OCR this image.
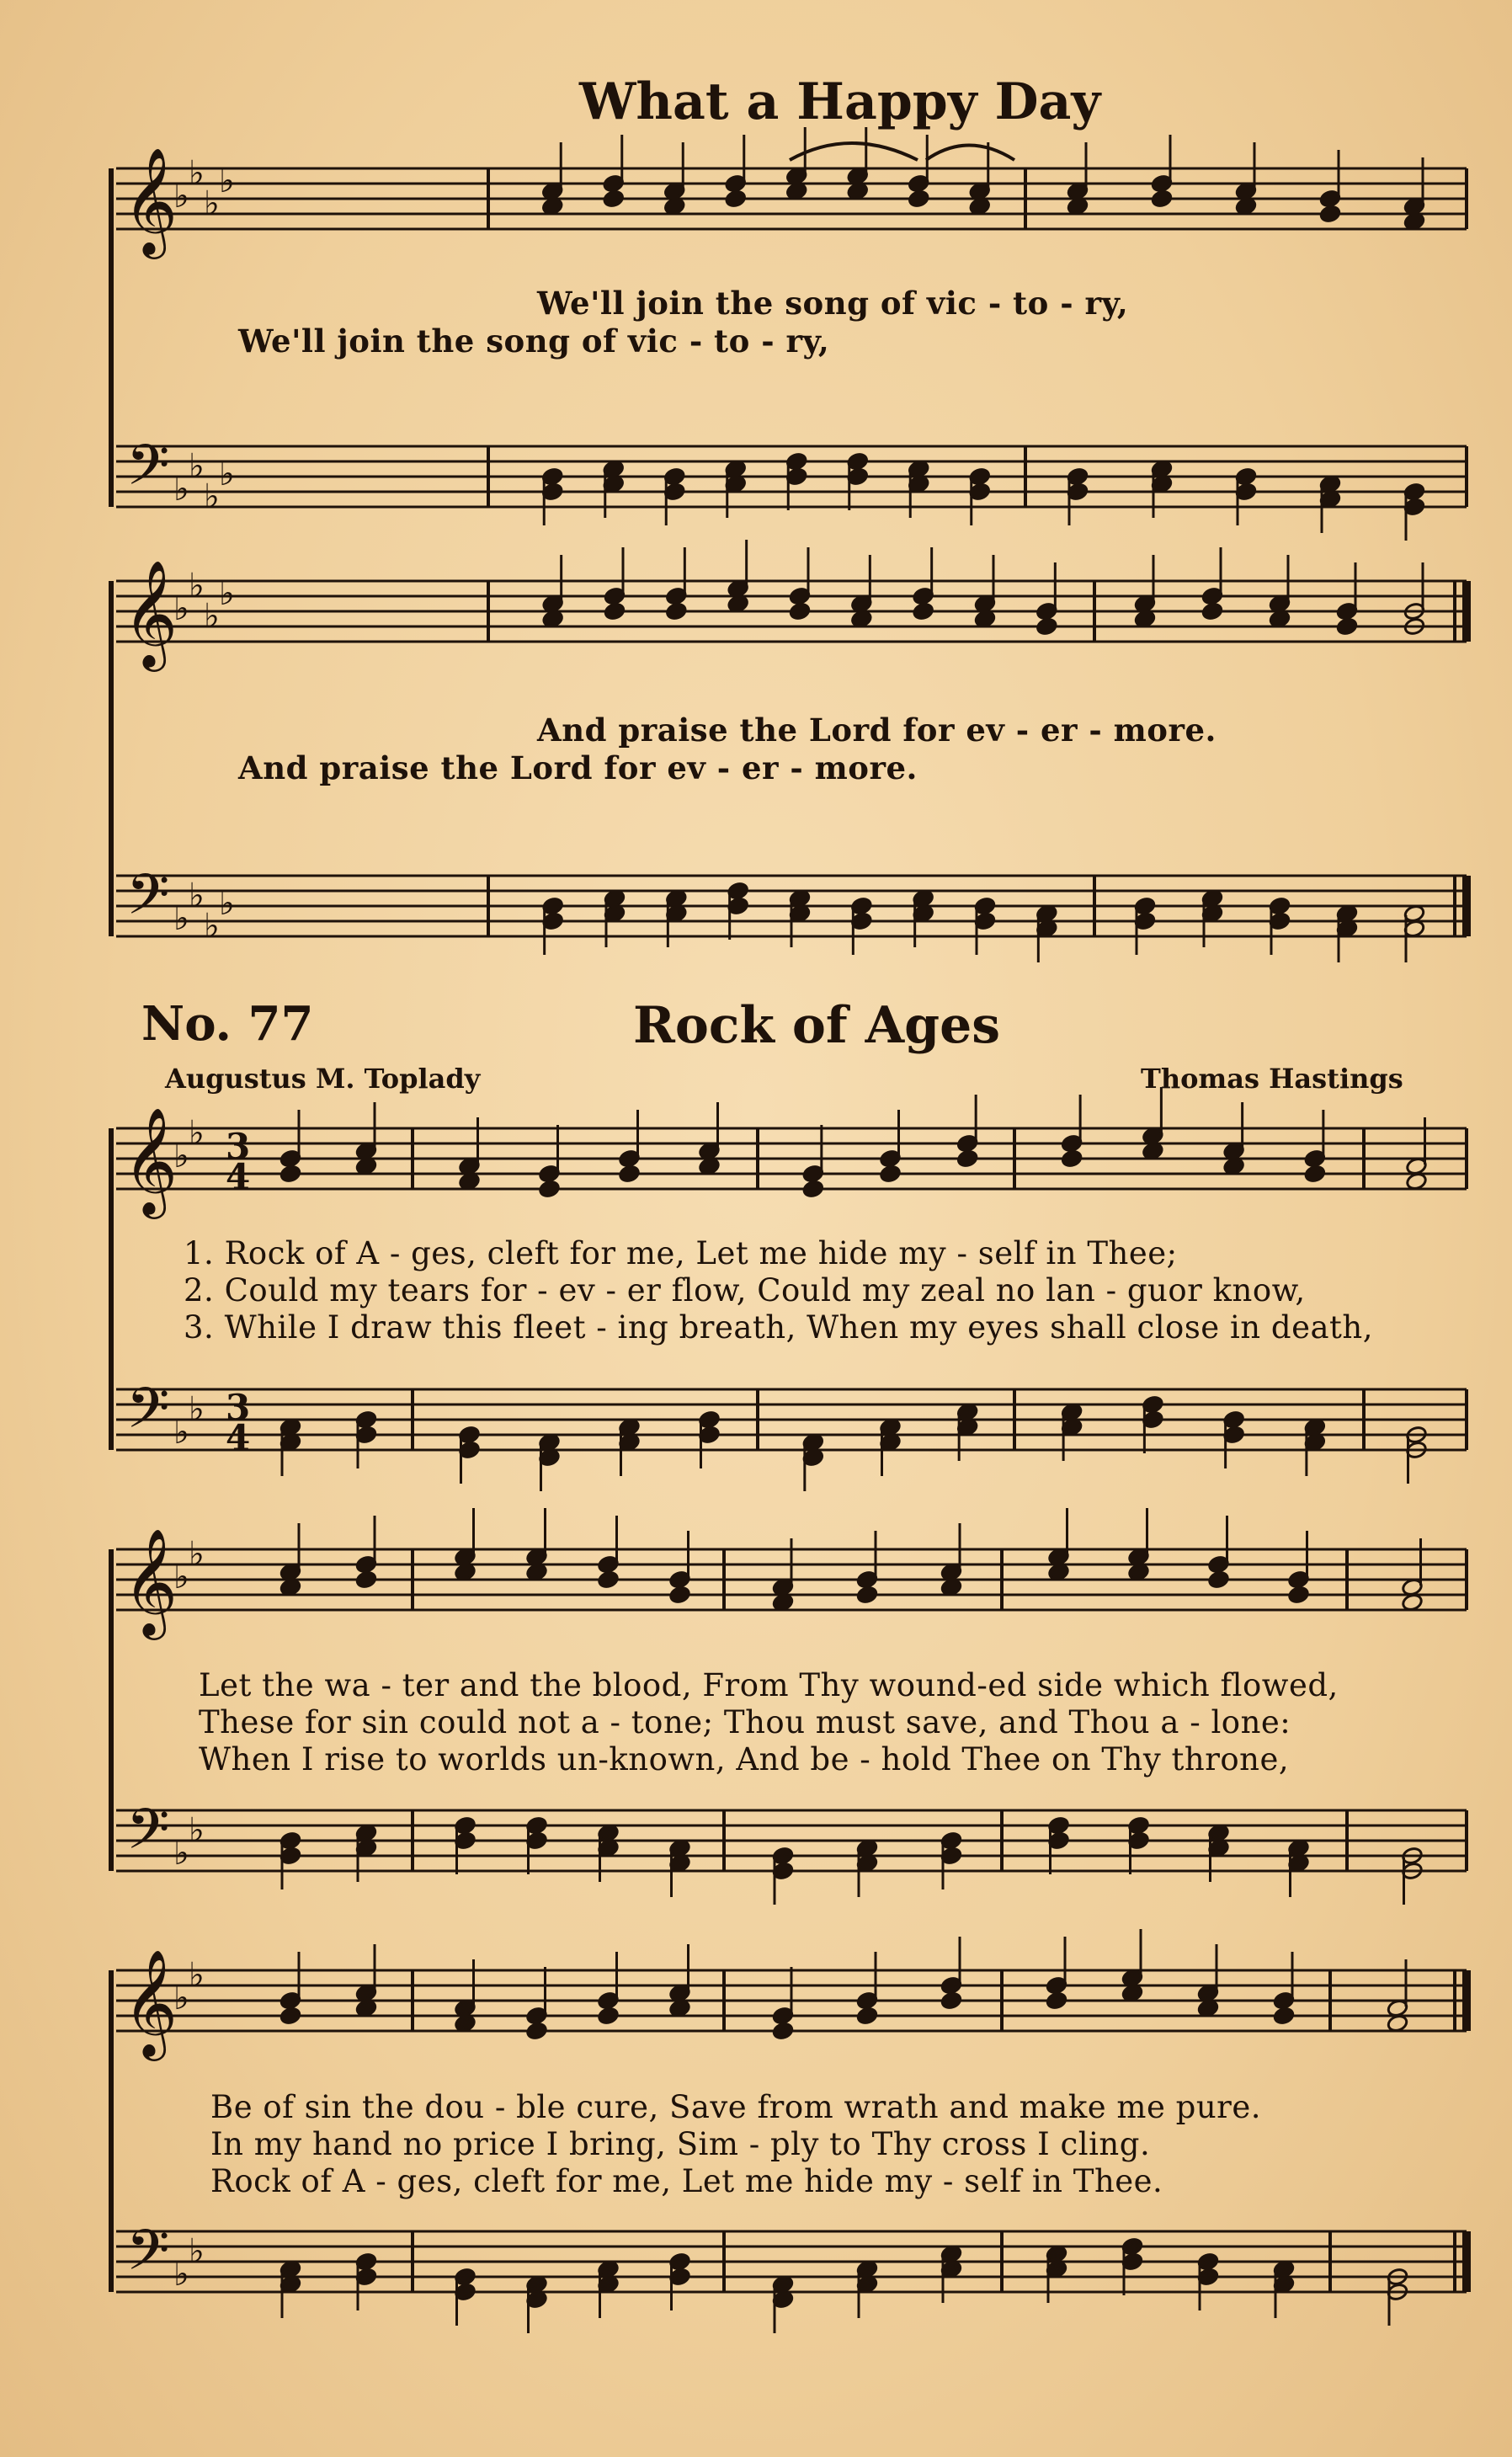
What a Happy Day
We'll join the song of vic - to - ry,
We'll join the song of vic - to - ry,
And praise the Lord for ev - er - more.
And praise the Lord for ev - er - more.
No. 77	Rock of Ages
Augustus M. Toplady	Thomas Hastings
1. Rock of A - ges, cleft for me, Let me hide my - self in Thee;
2. Could my tears for - ev - er flow, Could my zeal no lan - guor know,
3. While I draw this fleet - ing breath, When my eyes shall close in death,
Let the wa - ter and the blood, From Thy wound-ed side which flowed,
These for sin could not a - tone; Thou must save, and Thou a - lone:
When I rise to worlds un-known, And be - hold Thee on Thy throne,
Be of sin the dou - ble cure, Save from wrath and make me pure.
In my hand no price I bring, Sim - ply to Thy cross I cling.
Rock of A - ges, cleft for me, Let me hide my - self in Thee.
𝄞
𝄢
♭
♭
♭
♭
♭
♭
♭
♭
𝄞
𝄢
♭
♭
♭
♭
♭
♭
♭
♭
𝄞
𝄢
♭
♭
♭
♭
3
4
3
4
𝄞
𝄢
♭
♭
♭
♭
𝄞
𝄢
♭
♭
♭
♭
